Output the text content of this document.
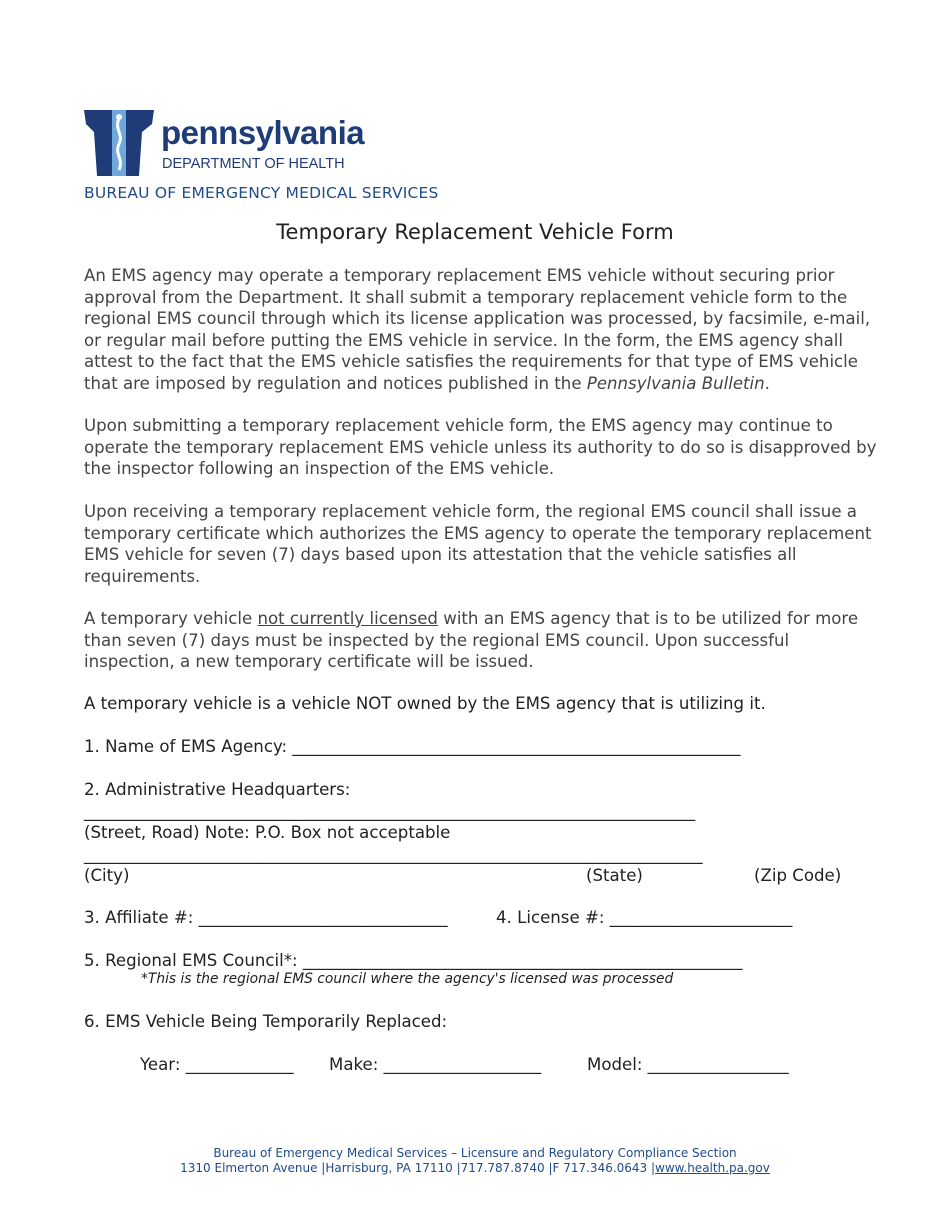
pennsylvania
DEPARTMENT OF HEALTH
BUREAU OF EMERGENCY MEDICAL SERVICES
Temporary Replacement Vehicle Form
An EMS agency may operate a temporary replacement EMS vehicle without securing prior approval from the Department. It shall submit a temporary replacement vehicle form to the regional EMS council through which its license application was processed, by facsimile, e-mail, or regular mail before putting the EMS vehicle in service. In the form, the EMS agency shall attest to the fact that the EMS vehicle satisfies the requirements for that type of EMS vehicle that are imposed by regulation and notices published in the Pennsylvania Bulletin.
Upon submitting a temporary replacement vehicle form, the EMS agency may continue to operate the temporary replacement EMS vehicle unless its authority to do so is disapproved by the inspector following an inspection of the EMS vehicle.
Upon receiving a temporary replacement vehicle form, the regional EMS council shall issue a temporary certificate which authorizes the EMS agency to operate the temporary replacement EMS vehicle for seven (7) days based upon its attestation that the vehicle satisfies all requirements.
A temporary vehicle not currently licensed with an EMS agency that is to be utilized for more than seven (7) days must be inspected by the regional EMS council. Upon successful inspection, a new temporary certificate will be issued.
A temporary vehicle is a vehicle NOT owned by the EMS agency that is utilizing it.
1. Name of EMS Agency: ______________________________________________________
2. Administrative Headquarters:
___________________________________________________________________________
(Street, Road) Note: P.O. Box not acceptable
___________________________________________________________________________
(City)	(State)	(Zip Code)
3. Affiliate #: ______________________________	4. License #: ______________________
5. Regional EMS Council*: _____________________________________________________
*This is the regional EMS council where the agency's licensed was processed
6. EMS Vehicle Being Temporarily Replaced:
Year: _____________ Make: ___________________	Model: _________________
Bureau of Emergency Medical Services – Licensure and Regulatory Compliance Section
1310 Elmerton Avenue |Harrisburg, PA 17110 |717.787.8740 |F 717.346.0643 |www.health.pa.gov
